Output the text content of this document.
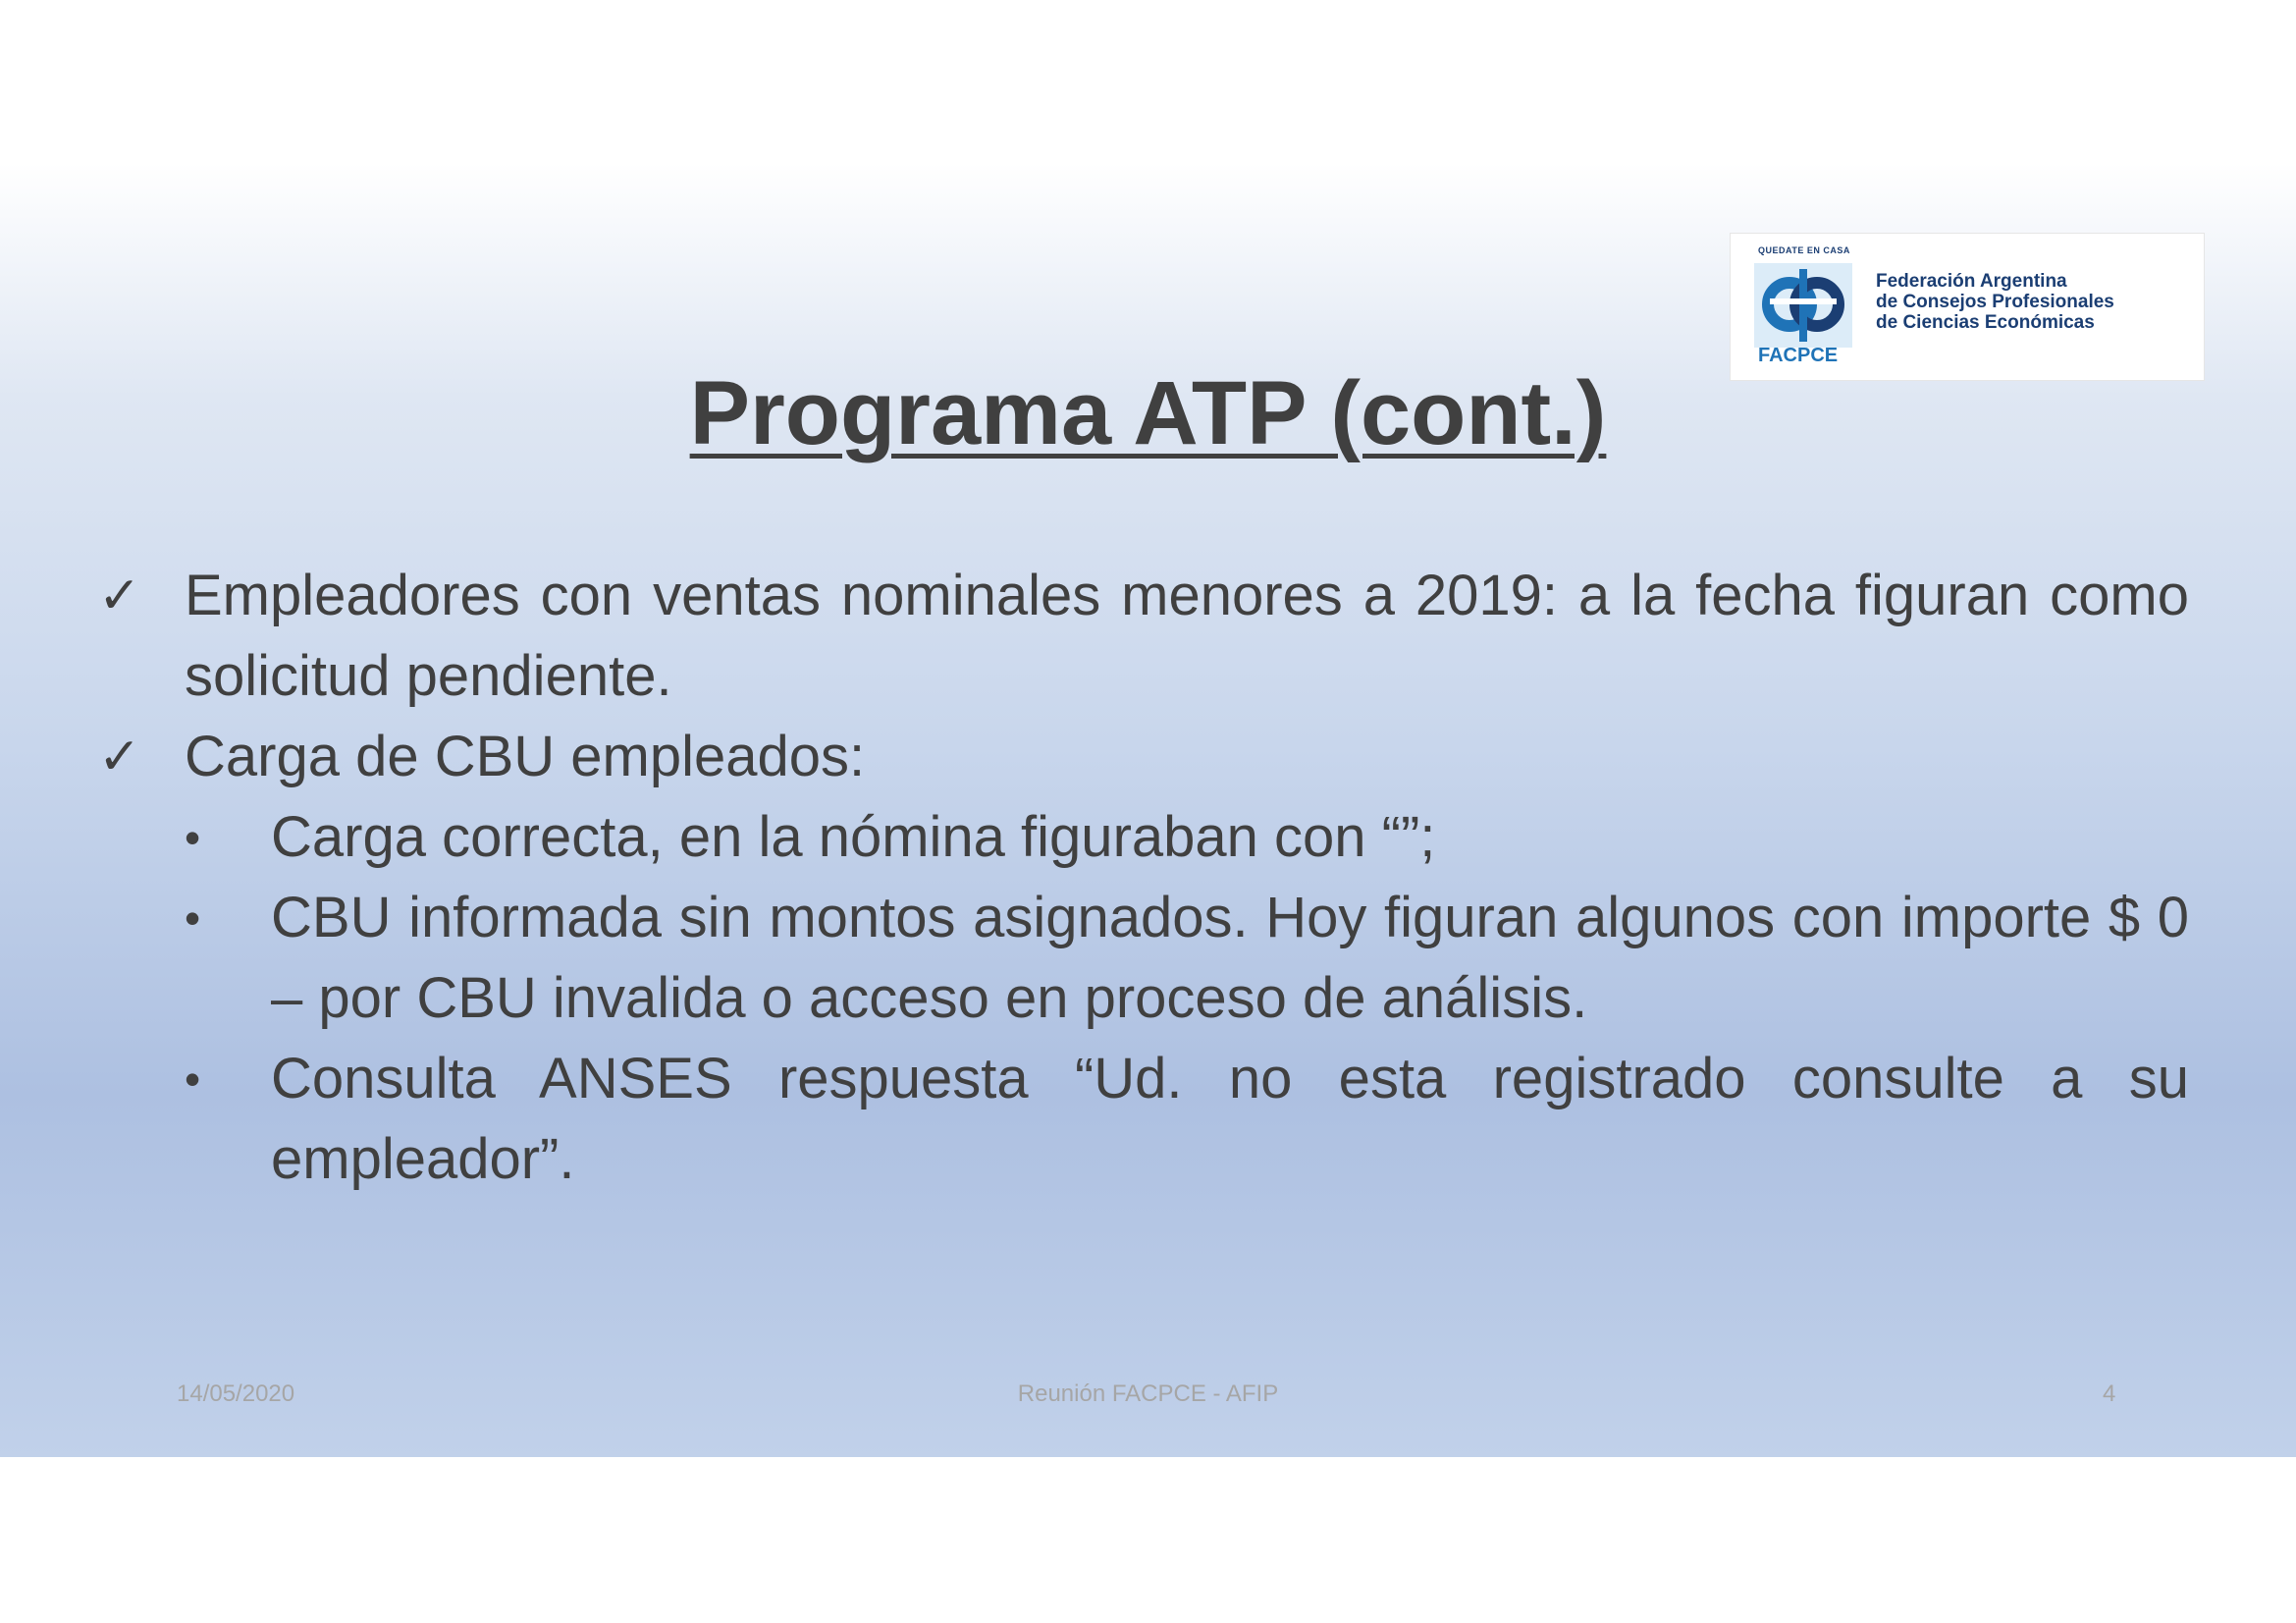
QUEDATE EN CASA
FACPCE
Federación Argentina
de Consejos Profesionales
de Ciencias Económicas
Programa ATP (cont.)
✓ Empleadores con ventas nominales menores a 2019: a la fecha figuran como solicitud pendiente.
✓ Carga de CBU empleados:
• Carga correcta, en la nómina figuraban con “”;
• CBU informada sin montos asignados. Hoy figuran algunos con importe $ 0 – por CBU invalida o acceso en proceso de análisis.
• Consulta ANSES respuesta “Ud. no esta registrado consulte a su empleador”.
14/05/2020	Reunión FACPCE - AFIP	4
